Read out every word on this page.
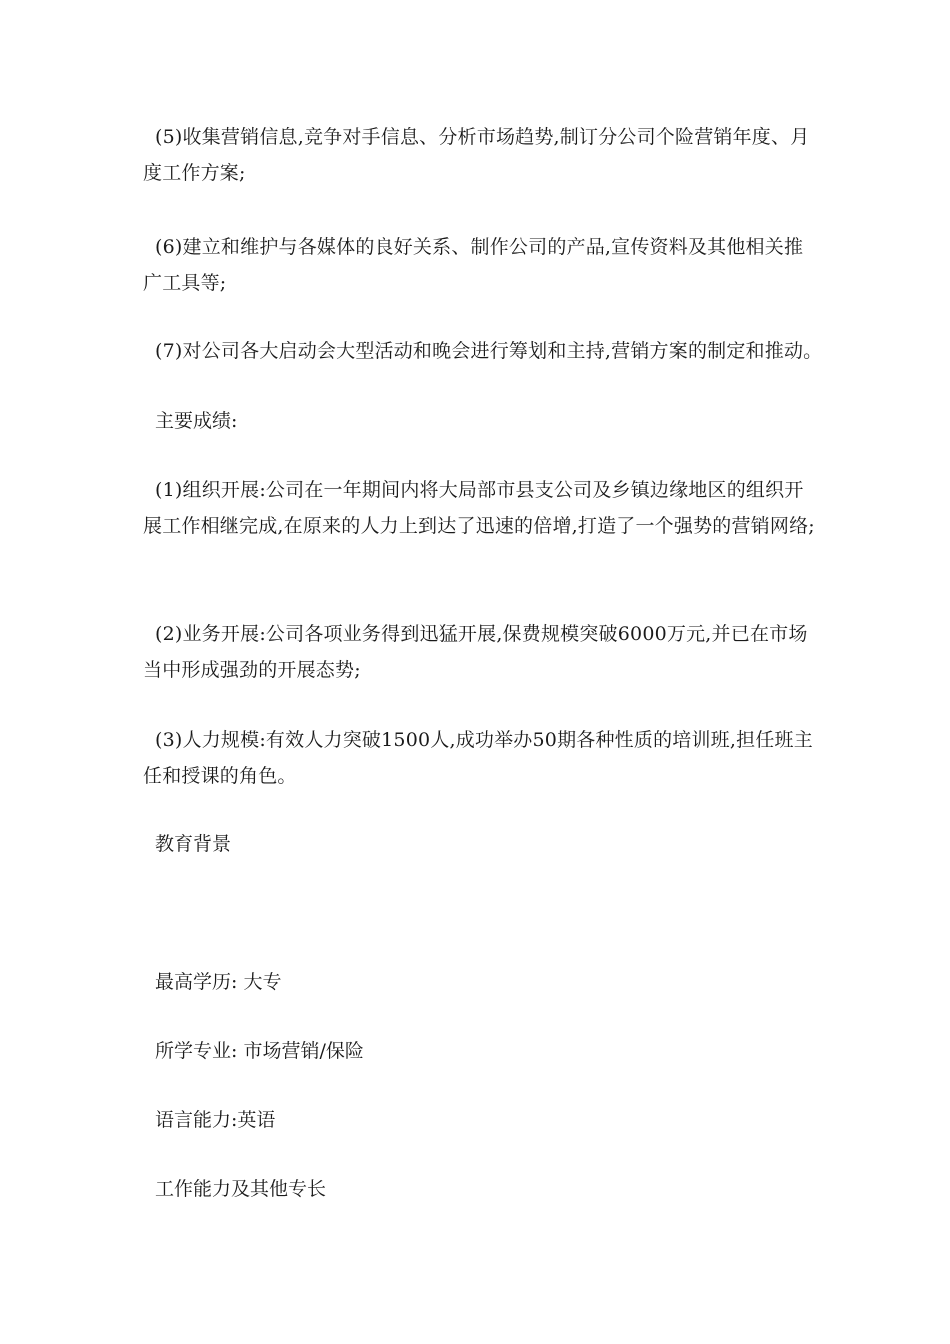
(5)收集营销信息,竞争对手信息、分析市场趋势,制订分公司个险营销年度、月度工作方案;
(6)建立和维护与各媒体的良好关系、制作公司的产品,宣传资料及其他相关推广工具等;
(7)对公司各大启动会大型活动和晚会进行筹划和主持,营销方案的制定和推动。
主要成绩:
(1)组织开展:公司在一年期间内将大局部市县支公司及乡镇边缘地区的组织开展工作相继完成,在原来的人力上到达了迅速的倍增,打造了一个强势的营销网络;
(2)业务开展:公司各项业务得到迅猛开展,保费规模突破6000万元,并已在市场当中形成强劲的开展态势;
(3)人力规模:有效人力突破1500人,成功举办50期各种性质的培训班,担任班主任和授课的角色。
教育背景
最高学历: 大专
所学专业: 市场营销/保险
语言能力:英语
工作能力及其他专长
